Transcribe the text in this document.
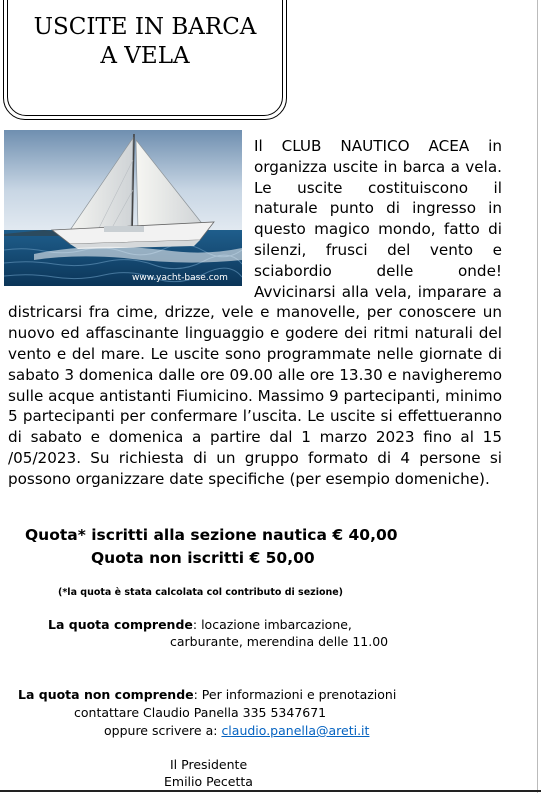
USCITE IN BARCA
A VELA
www.yacht-base.com
Il CLUB NAUTICO ACEA in organizza uscite in barca a vela. Le uscite costituiscono il naturale punto di ingresso in questo magico mondo, fatto di silenzi, frusci del vento e sciabordio delle onde! Avvicinarsi alla vela, imparare a districarsi fra cime, drizze, vele e manovelle, per conoscere un nuovo ed affascinante linguaggio e godere dei ritmi naturali del vento e del mare. Le uscite sono programmate nelle giornate di sabato 3 domenica dalle ore 09.00 alle ore 13.30 e navigheremo sulle acque antistanti Fiumicino. Massimo 9 partecipanti, minimo 5 partecipanti per confermare l’uscita. Le uscite si effettueranno di sabato e domenica a partire dal 1 marzo 2023 fino al 15 /05/2023. Su richiesta di un gruppo formato di 4 persone si possono organizzare date specifiche (per esempio domeniche).
Quota* iscritti alla sezione nautica € 40,00
Quota non iscritti € 50,00
(*la quota è stata calcolata col contributo di sezione)
La quota comprende: locazione imbarcazione,
carburante, merendina delle 11.00
La quota non comprende: Per informazioni e prenotazioni
contattare Claudio Panella 335 5347671
oppure scrivere a: claudio.panella@areti.it
Il Presidente
Emilio Pecetta
